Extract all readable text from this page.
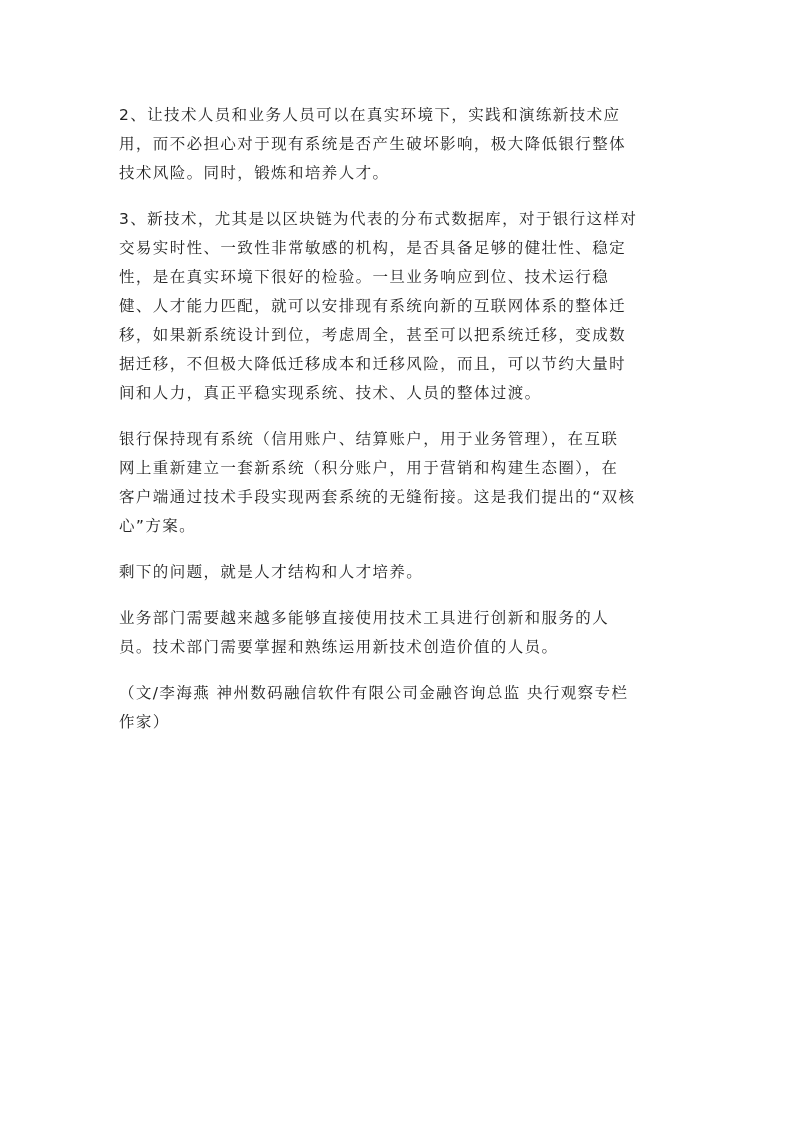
2、让技术人员和业务人员可以在真实环境下，实践和演练新技术应
用，而不必担心对于现有系统是否产生破坏影响，极大降低银行整体
技术风险。同时，锻炼和培养人才。
3、新技术，尤其是以区块链为代表的分布式数据库，对于银行这样对
交易实时性、一致性非常敏感的机构，是否具备足够的健壮性、稳定
性，是在真实环境下很好的检验。一旦业务响应到位、技术运行稳
健、人才能力匹配，就可以安排现有系统向新的互联网体系的整体迁
移，如果新系统设计到位，考虑周全，甚至可以把系统迁移，变成数
据迁移，不但极大降低迁移成本和迁移风险，而且，可以节约大量时
间和人力，真正平稳实现系统、技术、人员的整体过渡。
银行保持现有系统（信用账户、结算账户，用于业务管理），在互联
网上重新建立一套新系统（积分账户，用于营销和构建生态圈），在
客户端通过技术手段实现两套系统的无缝衔接。这是我们提出的“双核
心”方案。
剩下的问题，就是人才结构和人才培养。
业务部门需要越来越多能够直接使用技术工具进行创新和服务的人
员。技术部门需要掌握和熟练运用新技术创造价值的人员。
（文/李海燕 神州数码融信软件有限公司金融咨询总监 央行观察专栏
作家）
